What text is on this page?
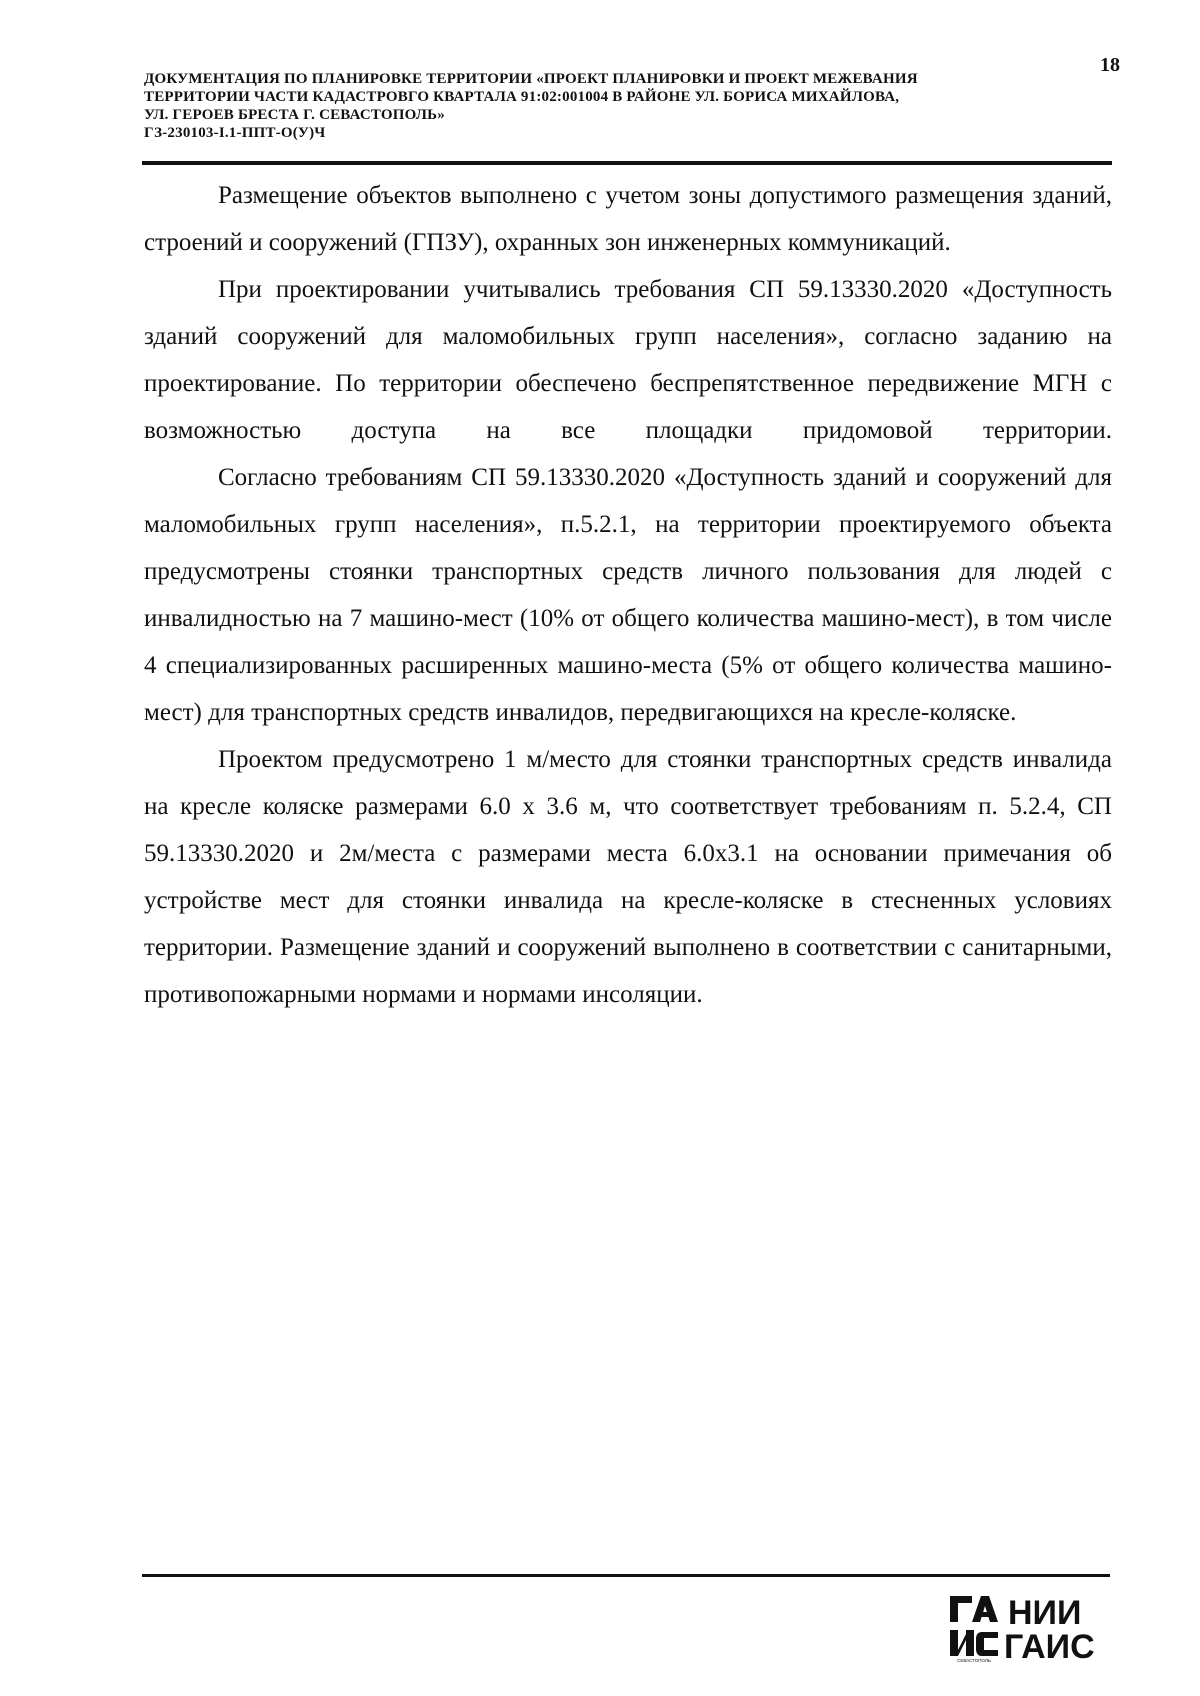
ДОКУМЕНТАЦИЯ ПО ПЛАНИРОВКЕ ТЕРРИТОРИИ «ПРОЕКТ ПЛАНИРОВКИ И ПРОЕКТ МЕЖЕВАНИЯ
ТЕРРИТОРИИ ЧАСТИ КАДАСТРОВГО КВАРТАЛА 91:02:001004 В РАЙОНЕ УЛ. БОРИСА МИХАЙЛОВА,
УЛ. ГЕРОЕВ БРЕСТА Г. СЕВАСТОПОЛЬ»
ГЗ-230103-I.1-ППТ-О(У)Ч
18

Размещение объектов выполнено с учетом зоны допустимого размещения зданий, строений и сооружений (ГПЗУ), охранных зон инженерных коммуникаций.

При проектировании учитывались требования СП 59.13330.2020 «Доступность зданий сооружений для маломобильных групп населения», согласно заданию на проектирование. По территории обеспечено беспрепятственное передвижение МГН с возможностью доступа на все площадки придомовой территории.

Согласно требованиям СП 59.13330.2020 «Доступность зданий и сооружений для маломобильных групп населения», п.5.2.1, на территории проектируемого объекта предусмотрены стоянки транспортных средств личного пользования для людей с инвалидностью на 7 машино-мест (10% от общего количества машино-мест), в том числе 4 специализированных расширенных машино-места (5% от общего количества машино-мест) для транспортных средств инвалидов, передвигающихся на кресле-коляске.

Проектом предусмотрено 1 м/место для стоянки транспортных средств инвалида на кресле коляске размерами 6.0 х 3.6 м, что соответствует требованиям п. 5.2.4, СП 59.13330.2020 и 2м/места с размерами места 6.0х3.1 на основании примечания об устройстве мест для стоянки инвалида на кресле-коляске в стесненных условиях территории. Размещение зданий и сооружений выполнено в соответствии с санитарными, противопожарными нормами и нормами инсоляции.

СЕВАСТОПОЛЬ
НИИ
ГАИС
